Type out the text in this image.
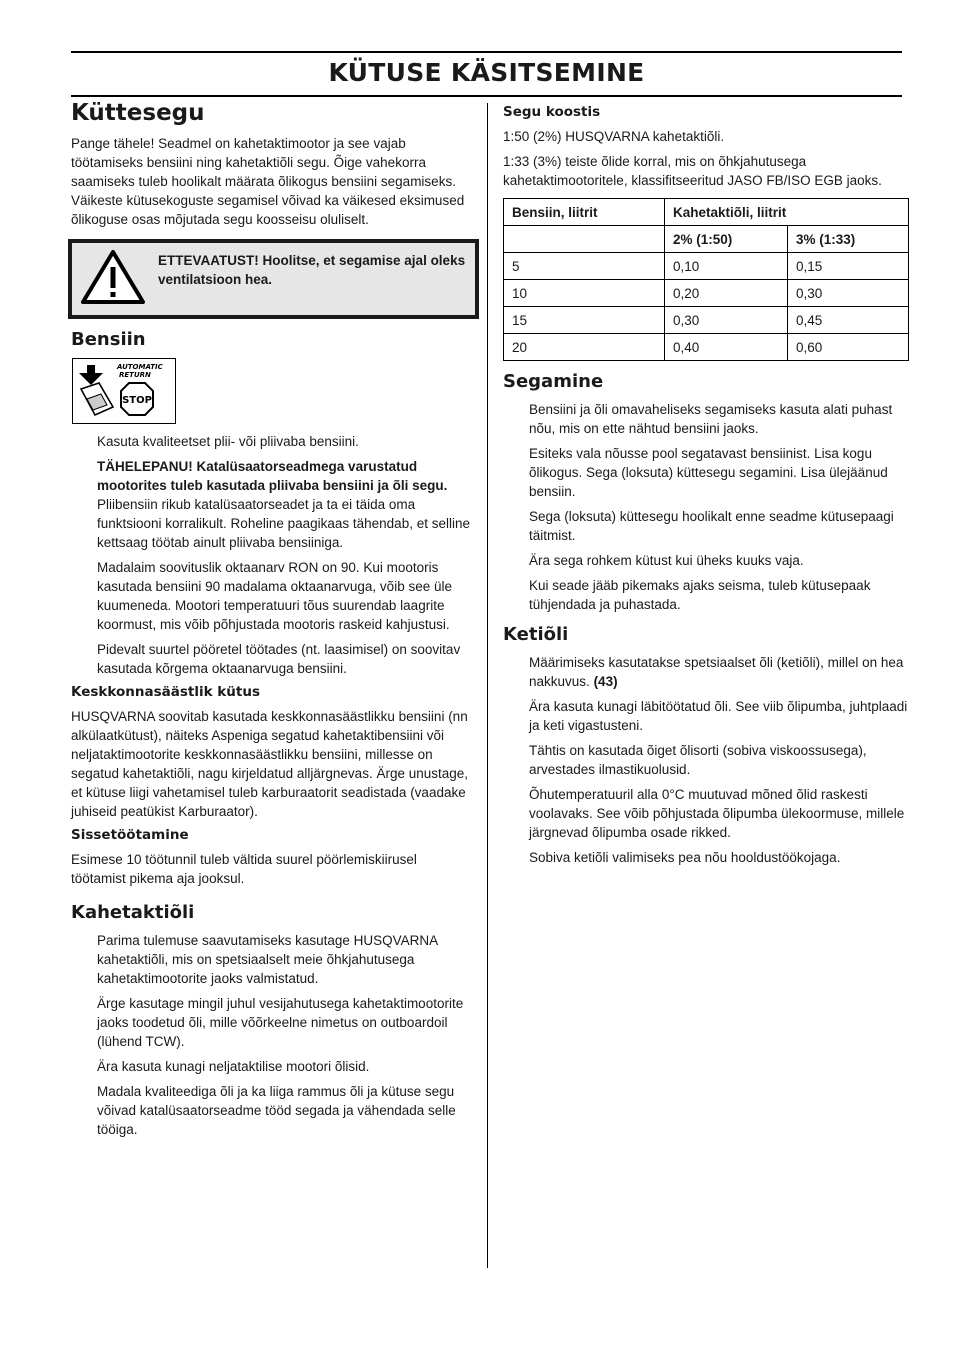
KÜTUSE KÄSITSEMINE
Küttesegu

Pange tähele! Seadmel on kahetaktimootor ja see vajab töötamiseks bensiini ning kahetaktiõli segu. Õige vahekorra saamiseks tuleb hoolikalt määrata õlikogus bensiini segamiseks. Väikeste kütusekoguste segamisel võivad ka väikesed eksimused õlikoguse osas mõjutada segu koosseisu oluliselt.

ETTEVAATUST! Hoolitse, et segamise ajal oleks ventilatsioon hea.
Bensiin
AUTOMATIC
RETURN
STOP

Kasuta kvaliteetset plii- või pliivaba bensiini.

TÄHELEPANU! Katalüsaatorseadmega varustatud mootorites tuleb kasutada pliivaba bensiini ja õli segu. Pliibensiin rikub katalüsaatorseadet ja ta ei täida oma funktsiooni korralikult. Roheline paagikaas tähendab, et selline kettsaag töötab ainult pliivaba bensiiniga.

Madalaim soovituslik oktaanarv RON on 90. Kui mootoris kasutada bensiini 90 madalama oktaanarvuga, võib see üle kuumeneda. Mootori temperatuuri tõus suurendab laagrite koormust, mis võib põhjustada mootoris raskeid kahjustusi.

Pidevalt suurtel pööretel töötades (nt. laasimisel) on soovitav kasutada kõrgema oktaanarvuga bensiini.

Keskkonnasäästlik kütus

HUSQVARNA soovitab kasutada keskkonnasäästlikku bensiini (nn alkülaatkütust), näiteks Aspeniga segatud kahetaktibensiini või neljataktimootorite keskkonnasäästlikku bensiini, millesse on segatud kahetaktiõli, nagu kirjeldatud alljärgnevas. Ärge unustage, et kütuse liigi vahetamisel tuleb karburaatorit seadistada (vaadake juhiseid peatükist Karburaator).

Sissetöötamine

Esimese 10 töötunnil tuleb vältida suurel pöörlemiskiirusel töötamist pikema aja jooksul.

Kahetaktiõli

Parima tulemuse saavutamiseks kasutage HUSQVARNA kahetaktiõli, mis on spetsiaalselt meie õhkjahutusega kahetaktimootorite jaoks valmistatud.

Ärge kasutage mingil juhul vesijahutusega kahetaktimootorite jaoks toodetud õli, mille võõrkeelne nimetus on outboardoil (lühend TCW).

Ära kasuta kunagi neljataktilise mootori õlisid.

Madala kvaliteediga õli ja ka liiga rammus õli ja kütuse segu võivad katalüsaatorseadme tööd segada ja vähendada selle tööiga.

Segu koostis

1:50 (2%) HUSQVARNA kahetaktiõli.

1:33 (3%) teiste õlide korral, mis on õhkjahutusega kahetaktimootoritele, klassifitseeritud JASO FB/ISO EGB jaoks.

Bensiin, liitrit	Kahetaktiõli, liitrit	
	2% (1:50)	3% (1:33)
5	0,10	0,15
10	0,20	0,30
15	0,30	0,45
20	0,40	0,60
Segamine

Bensiini ja õli omavaheliseks segamiseks kasuta alati puhast nõu, mis on ette nähtud bensiini jaoks.

Esiteks vala nõusse pool segatavast bensiinist. Lisa kogu õlikogus. Sega (loksuta) küttesegu segamini. Lisa ülejäänud bensiin.

Sega (loksuta) küttesegu hoolikalt enne seadme kütusepaagi täitmist.

Ära sega rohkem kütust kui üheks kuuks vaja.

Kui seade jääb pikemaks ajaks seisma, tuleb kütusepaak tühjendada ja puhastada.

Ketiõli

Määrimiseks kasutatakse spetsiaalset õli (ketiõli), millel on hea nakkuvus. (43)

Ära kasuta kunagi läbitöötatud õli. See viib õlipumba, juhtplaadi ja keti vigastusteni.

Tähtis on kasutada õiget õlisorti (sobiva viskoossusega), arvestades ilmastikuolusid.

Õhutemperatuuril alla 0°C muutuvad mõned õlid raskesti voolavaks. See võib põhjustada õlipumba ülekoormuse, millele järgnevad õlipumba osade rikked.

Sobiva ketiõli valimiseks pea nõu hooldustöökojaga.
